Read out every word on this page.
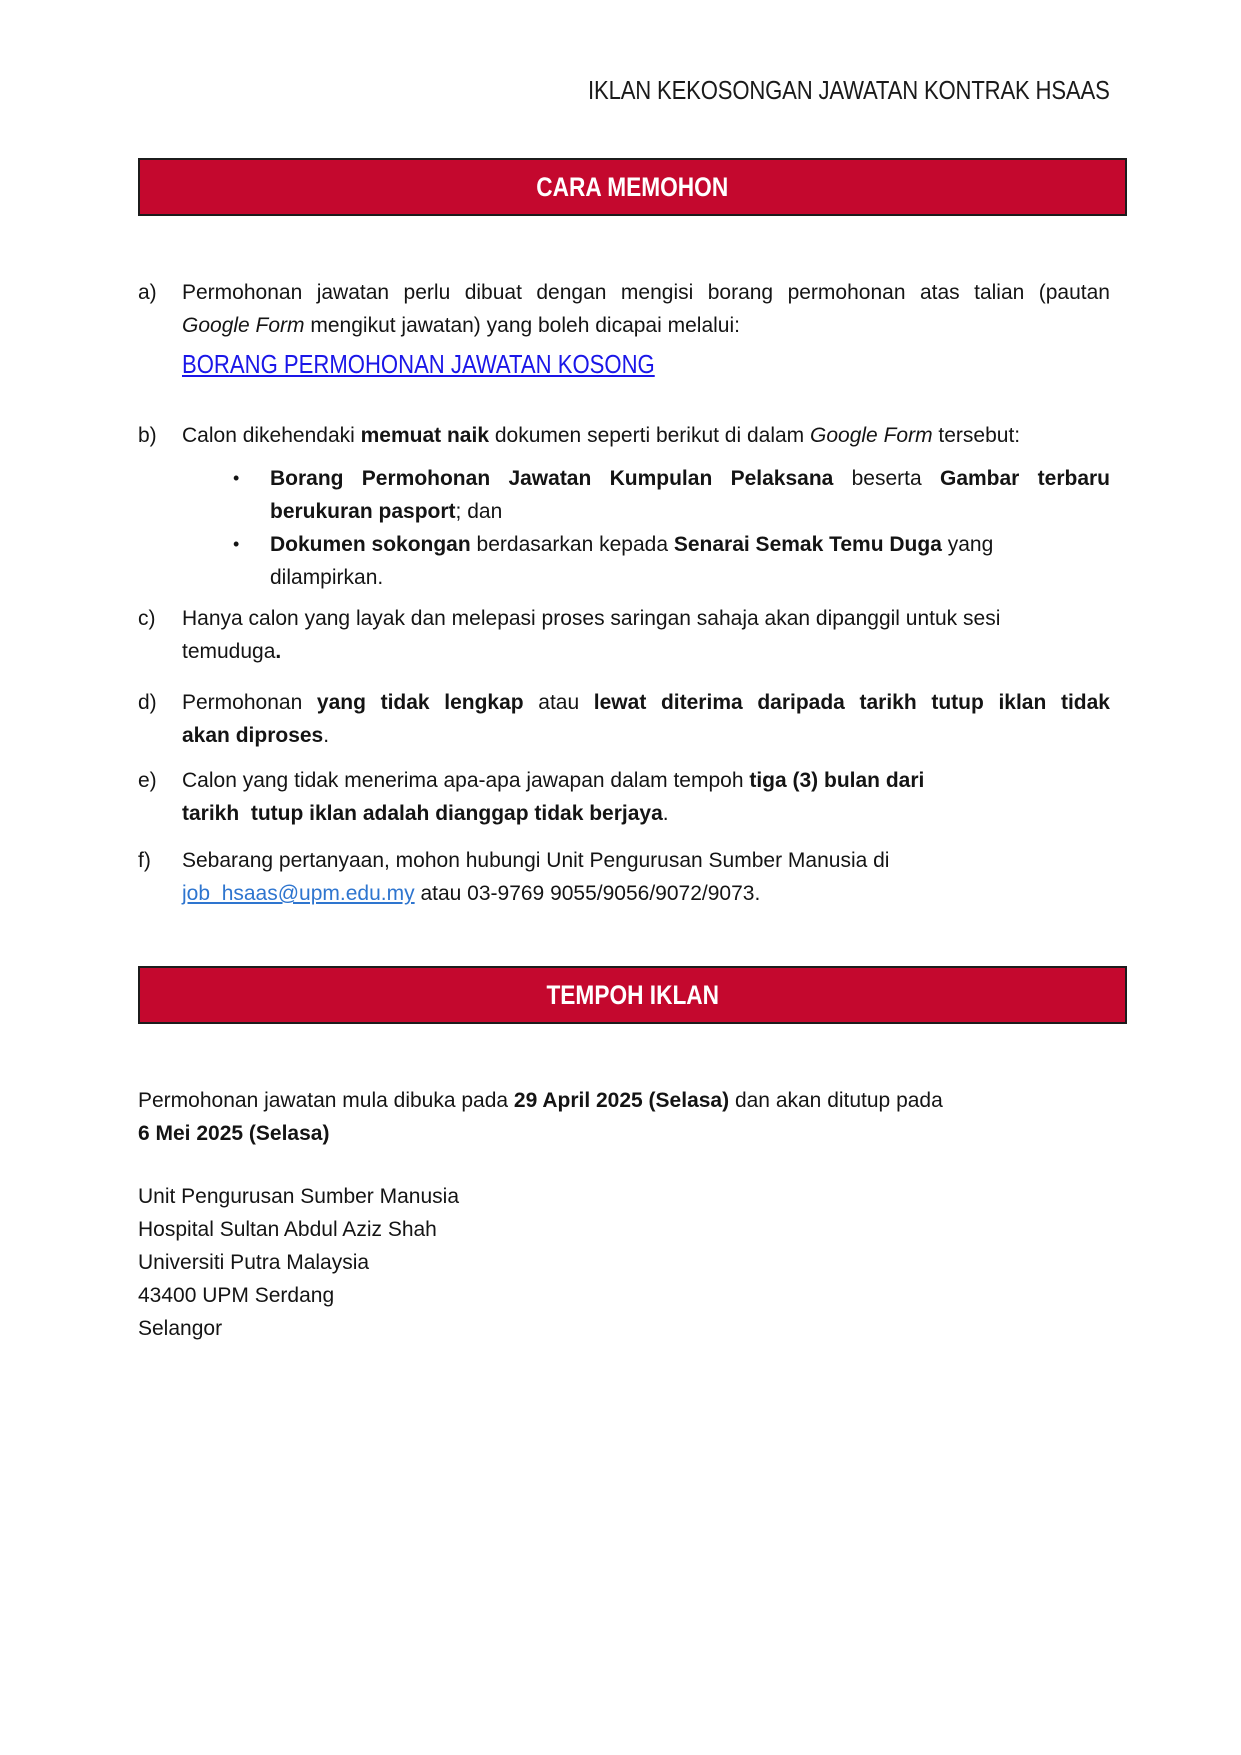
IKLAN KEKOSONGAN JAWATAN KONTRAK HSAAS
CARA MEMOHON
a)	Permohonan jawatan perlu dibuat dengan mengisi borang permohonan atas talian (pautan
Google Form mengikut jawatan) yang boleh dicapai melalui:
BORANG PERMOHONAN JAWATAN KOSONG
b)	Calon dikehendaki memuat naik dokumen seperti berikut di dalam Google Form tersebut:
•	Borang Permohonan Jawatan Kumpulan Pelaksana beserta Gambar terbaru
berukuran pasport; dan
•	Dokumen sokongan berdasarkan kepada Senarai Semak Temu Duga yang dilampirkan.
c)	Hanya calon yang layak dan melepasi proses saringan sahaja akan dipanggil untuk sesi
temuduga.
d)	Permohonan yang tidak lengkap atau lewat diterima daripada tarikh tutup iklan tidak
akan diproses.
e)	Calon yang tidak menerima apa-apa jawapan dalam tempoh tiga (3) bulan dari
tarikh  tutup iklan adalah dianggap tidak berjaya.
f)	Sebarang pertanyaan, mohon hubungi Unit Pengurusan Sumber Manusia di
job_hsaas@upm.edu.my atau 03-9769 9055/9056/9072/9073.
TEMPOH IKLAN
Permohonan jawatan mula dibuka pada 29 April 2025 (Selasa) dan akan ditutup pada
6 Mei 2025 (Selasa)
Unit Pengurusan Sumber Manusia
Hospital Sultan Abdul Aziz Shah
Universiti Putra Malaysia
43400 UPM Serdang
Selangor
